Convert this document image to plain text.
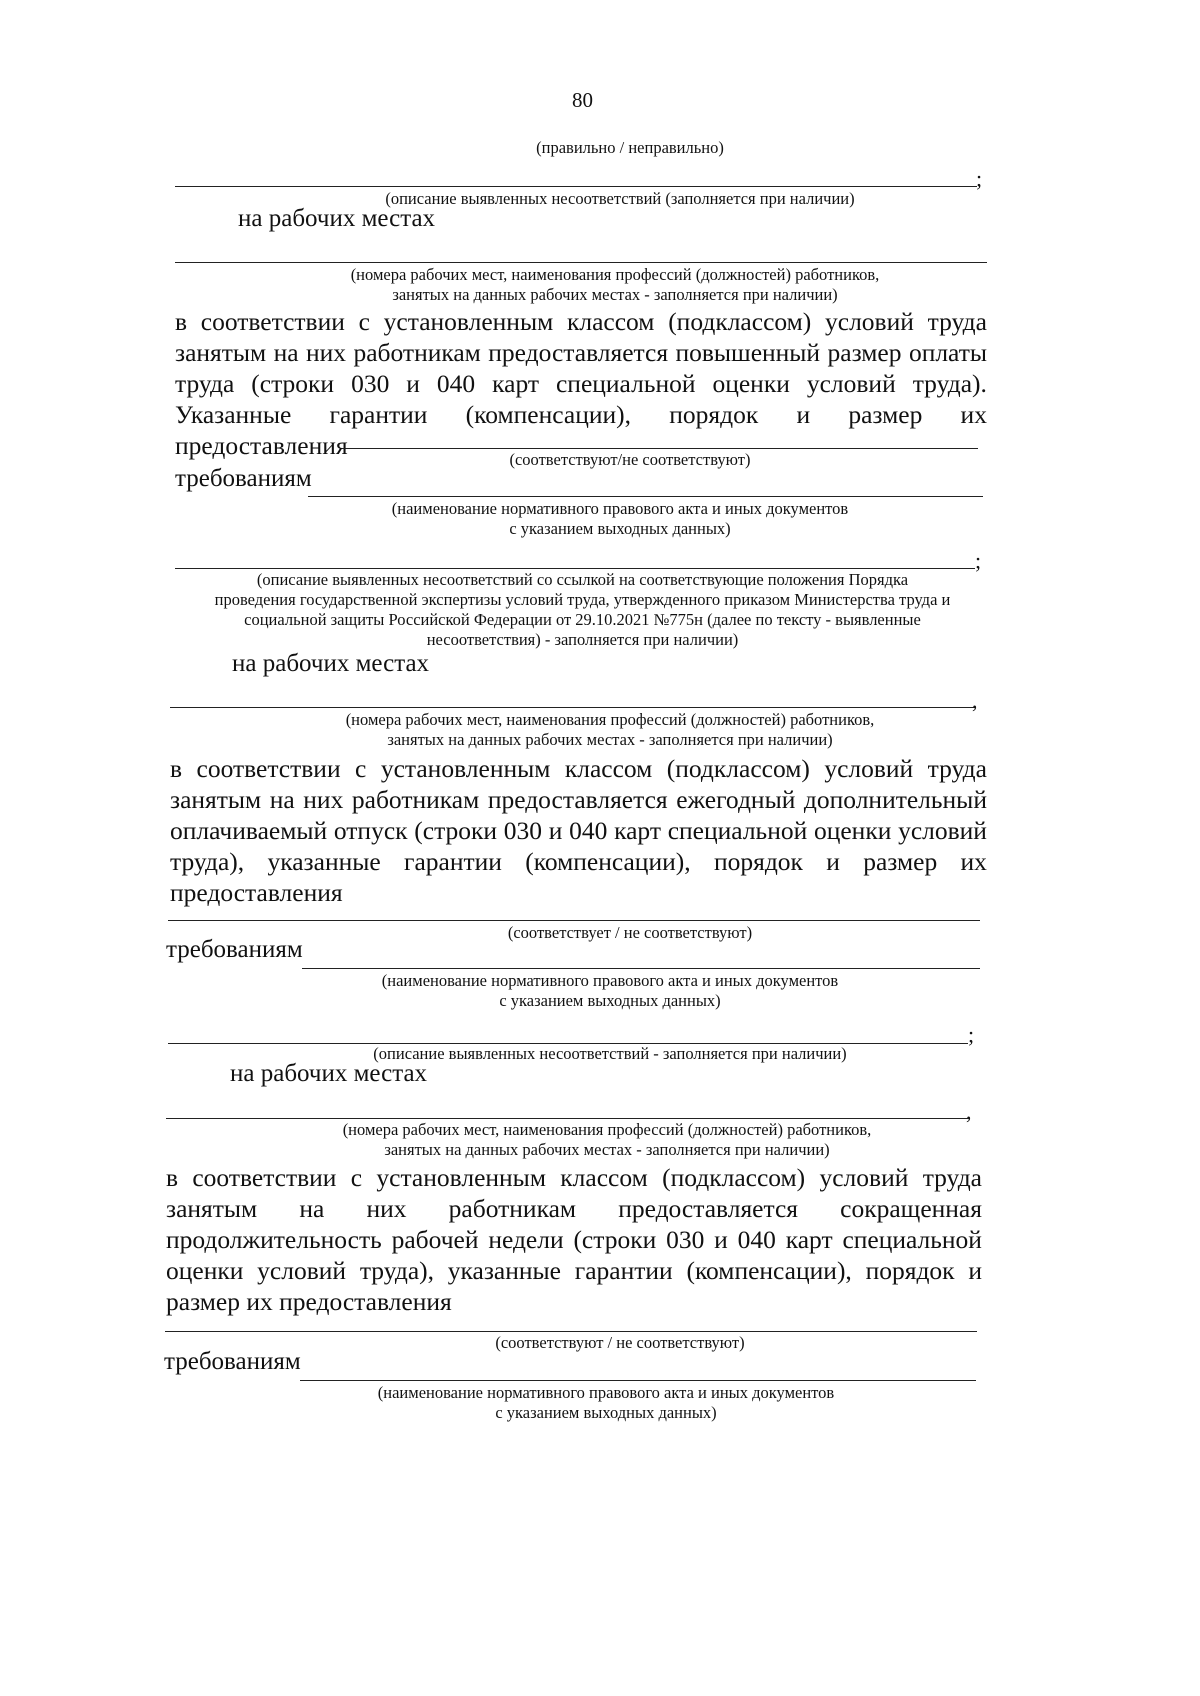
80
(правильно / неправильно)
;
(описание выявленных несоответствий (заполняется при наличии)
на рабочих местах
(номера рабочих мест, наименования профессий (должностей) работников,
занятых на данных рабочих местах - заполняется при наличии)
в соответствии с установленным классом (подклассом) условий труда
занятым на них работникам предоставляется повышенный размер оплаты
труда (строки 030 и 040 карт специальной оценки условий труда).
Указанные гарантии (компенсации), порядок и размер их
предоставления	(соответствуют/не соответствуют)
требованиям
(наименование нормативного правового акта и иных документов
с указанием выходных данных)
;
(описание выявленных несоответствий со ссылкой на соответствующие положения Порядка
проведения государственной экспертизы условий труда, утвержденного приказом Министерства труда и
социальной защиты Российской Федерации от 29.10.2021 №775н (далее по тексту - выявленные
несоответствия) - заполняется при наличии)
на рабочих местах
,
(номера рабочих мест, наименования профессий (должностей) работников,
занятых на данных рабочих местах - заполняется при наличии)
в соответствии с установленным классом (подклассом) условий труда
занятым на них работникам предоставляется ежегодный дополнительный
оплачиваемый отпуск (строки 030 и 040 карт специальной оценки условий
труда), указанные гарантии (компенсации), порядок и размер их
предоставления
(соответствует / не соответствуют)
требованиям
(наименование нормативного правового акта и иных документов
с указанием выходных данных)
;
(описание выявленных несоответствий - заполняется при наличии)
на рабочих местах
,
(номера рабочих мест, наименования профессий (должностей) работников,
занятых на данных рабочих местах - заполняется при наличии)
в соответствии с установленным классом (подклассом) условий труда
занятым на них работникам предоставляется сокращенная
продолжительность рабочей недели (строки 030 и 040 карт специальной
оценки условий труда), указанные гарантии (компенсации), порядок и
размер их предоставления
(соответствуют / не соответствуют)
требованиям
(наименование нормативного правового акта и иных документов
с указанием выходных данных)
